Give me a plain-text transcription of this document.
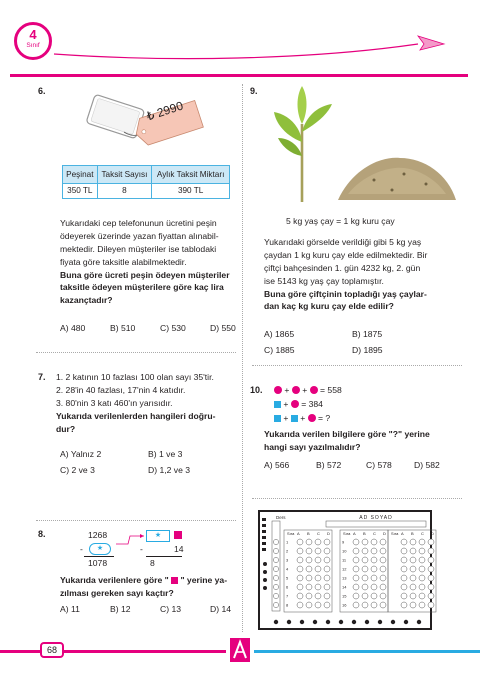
4
Sınıf
6.
₺ 2990
Peşinat	Taksit Sayısı	Aylık Taksit Miktarı
350 TL	8	390 TL
Yukarıdaki cep telefonunun ücretini peşin
ödeyerek üzerinde yazan fiyattan alınabil-
mektedir. Dileyen müşteriler ise tablodaki
fiyata göre taksitle alabilmektedir.
Buna göre ücreti peşin ödeyen müşteriler
taksitle ödeyen müşterilere göre kaç lira
kazançtadır?
A) 480	B) 510	C) 530	D) 550
7. 1. 2 katının 10 fazlası 100 olan sayı 35'tir.
2. 28'in 40 fazlası, 17'nin 4 katıdır.
3. 80'nin 3 katı 460'ın yarısıdır.
Yukarıda verilenlerden hangileri doğru-
dur?
A) Yalnız 2	B) 1 ve 3
C) 2 ve 3	D) 1,2 ve 3
8.	1268
-	★
1078
★
-	14
8
Yukarıda verilenlere göre " " yerine ya-
zılması gereken sayı kaçtır?
A) 11	B) 12	C) 13	D) 14
9.
5 kg yaş çay = 1 kg kuru çay
Yukarıdaki görselde verildiği gibi 5 kg yaş
çaydan 1 kg kuru çay elde edilmektedir. Bir
çiftçi bahçesinden 1. gün 4232 kg, 2. gün
ise 5143 kg yaş çay toplamıştır.
Buna göre çiftçinin topladığı yaş çaylar-
dan kaç kg kuru çay elde edilir?
A) 1865	B) 1875
C) 1885	D) 1895
10.	+ + = 558
+ = 384
+ + = ?
Yukarıda verilen bilgilere göre "?" yerine
hangi sayı yazılmalıdır?
A) 566	B) 572	C) 578	D) 582
Sıra A B C D
1
2
3
4
5
6
7
8
Sıra A B C D
9
10
11
12
13
14
15
16
Sıra A B C D
Ders	AD SOYAD
68
